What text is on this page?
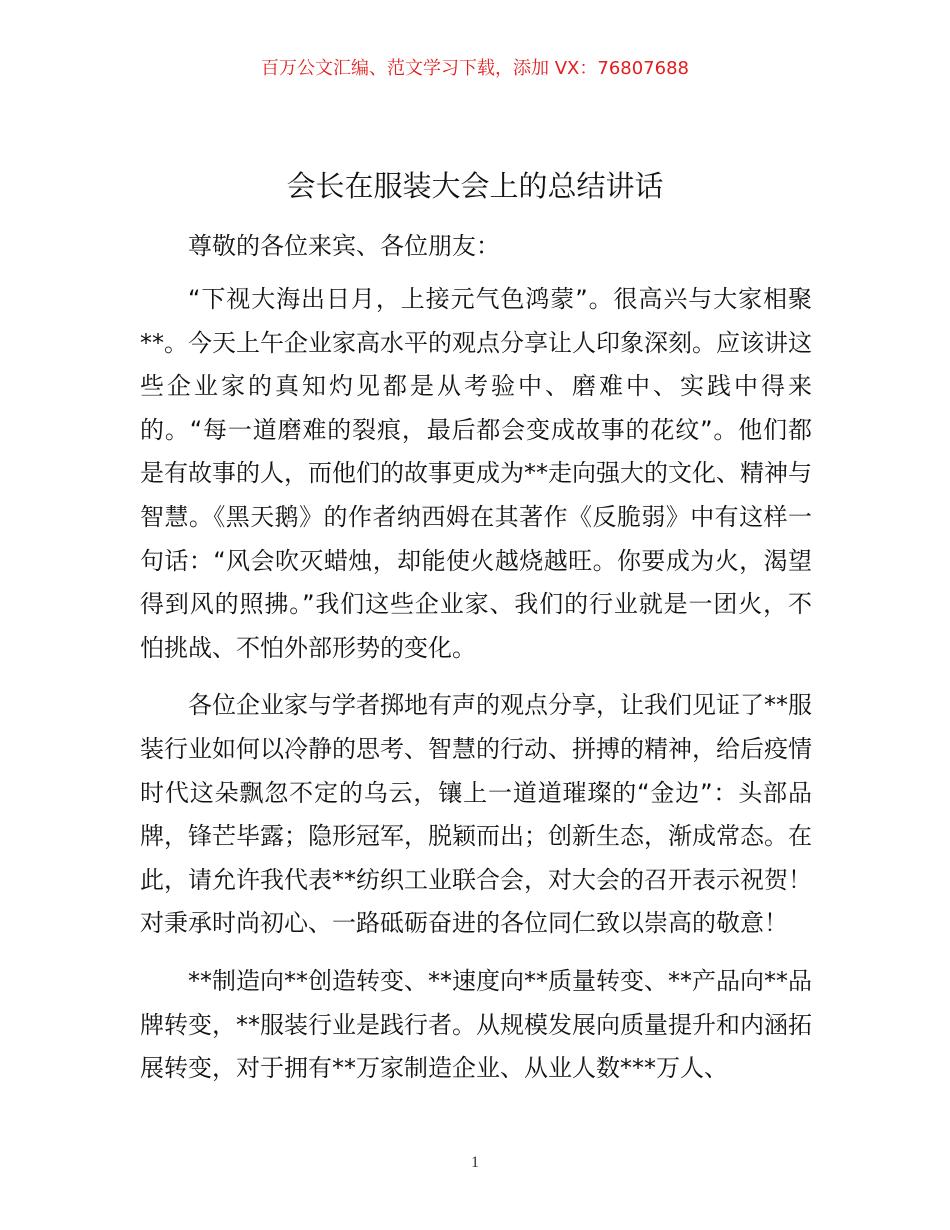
百万公文汇编、范文学习下载，添加 VX：76807688
会长在服装大会上的总结讲话

尊敬的各位来宾、各位朋友：

“下视大海出日月，上接元气色鸿蒙”。很高兴与大家相聚**。今天上午企业家高水平的观点分享让人印象深刻。应该讲这些企业家的真知灼见都是从考验中、磨难中、实践中得来的。“每一道磨难的裂痕，最后都会变成故事的花纹”。他们都是有故事的人，而他们的故事更成为**走向强大的文化、精神与智慧。《黑天鹅》的作者纳西姆在其著作《反脆弱》中有这样一句话：“风会吹灭蜡烛，却能使火越烧越旺。你要成为火，渴望得到风的照拂。”我们这些企业家、我们的行业就是一团火，不怕挑战、不怕外部形势的变化。

各位企业家与学者掷地有声的观点分享，让我们见证了**服装行业如何以冷静的思考、智慧的行动、拼搏的精神，给后疫情时代这朵飘忽不定的乌云，镶上一道道璀璨的“金边”：头部品牌，锋芒毕露；隐形冠军，脱颖而出；创新生态，渐成常态。在此，请允许我代表**纺织工业联合会，对大会的召开表示祝贺！对秉承时尚初心、一路砥砺奋进的各位同仁致以崇高的敬意！

**制造向**创造转变、**速度向**质量转变、**产品向**品牌转变，**服装行业是践行者。从规模发展向质量提升和内涵拓展转变，对于拥有**万家制造企业、从业人数***万人、

1
